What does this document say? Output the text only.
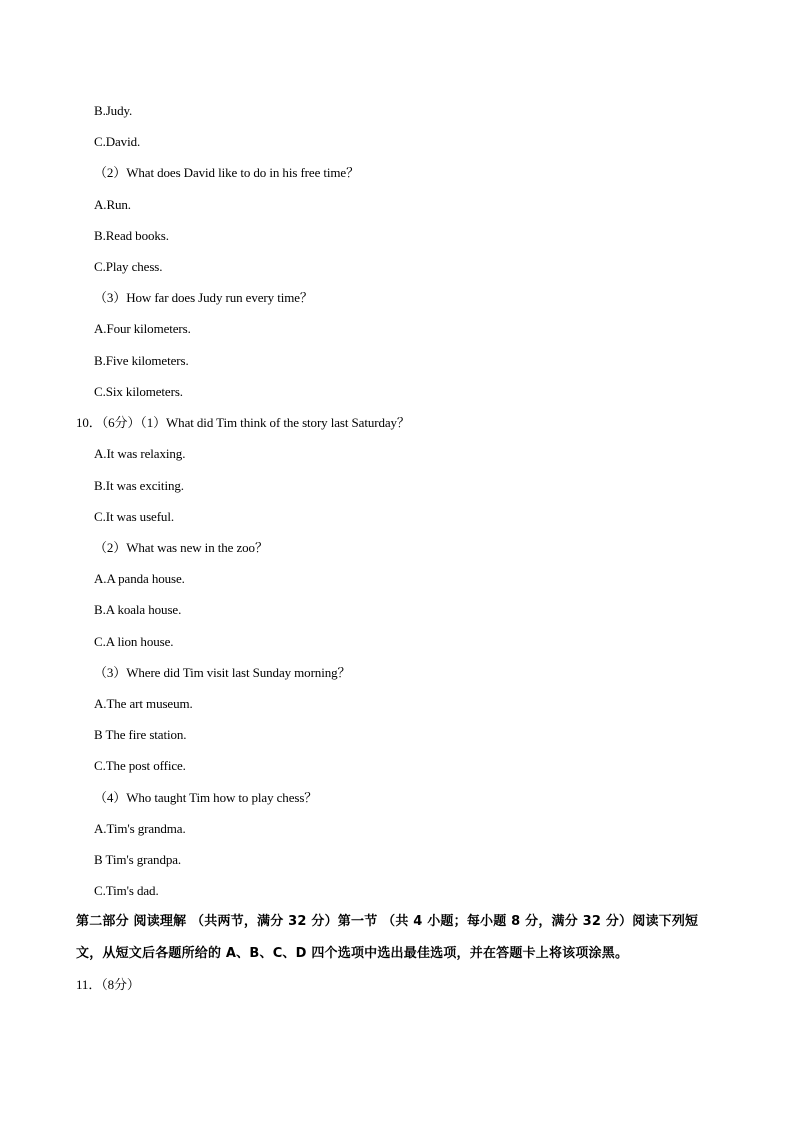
B.Judy.
C.David.
（2）What does David like to do in his free time？
A.Run.
B.Read books.
C.Play chess.
（3）How far does Judy run every time？
A.Four kilometers.
B.Five kilometers.
C.Six kilometers.
10．（6分）（1）What did Tim think of the story last Saturday？
A.It was relaxing.
B.It was exciting.
C.It was useful.
（2）What was new in the zoo？
A.A panda house.
B.A koala house.
C.A lion house.
（3）Where did Tim visit last Sunday morning？
A.The art museum.
B The fire station.
C.The post office.
（4）Who taught Tim how to play chess？
A.Tim's grandma.
B Tim's grandpa.
C.Tim's dad.
第二部分 阅读理解 （共两节，满分 32 分）第一节 （共 4 小题；每小题 8 分，满分 32 分）阅读下列短
文，从短文后各题所给的 A、B、C、D 四个选项中选出最佳选项，并在答题卡上将该项涂黑。
11．（8分）
